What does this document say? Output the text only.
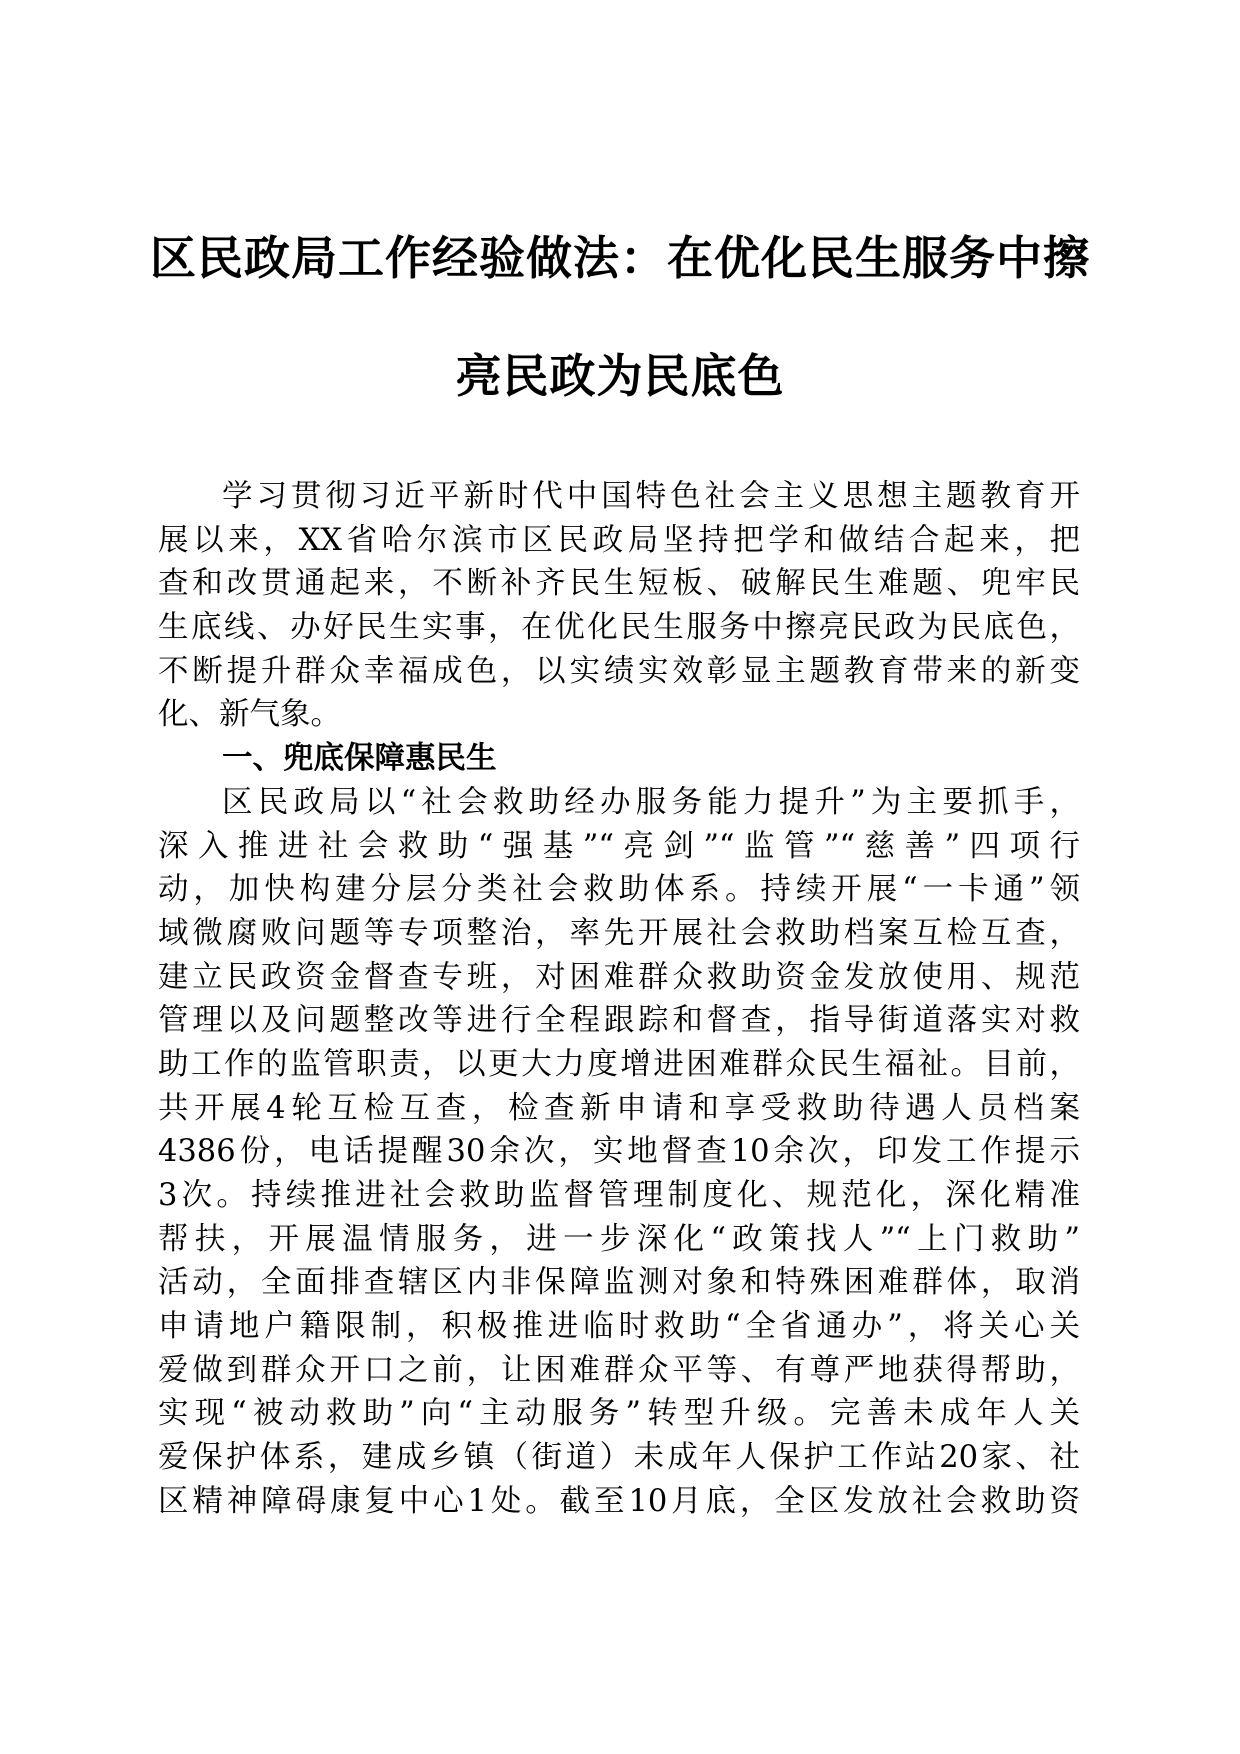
区民政局工作经验做法：在优化民生服务中擦
亮民政为民底色
学习贯彻习近平新时代中国特色社会主义思想主题教育开
展以来，XX省哈尔滨市区民政局坚持把学和做结合起来，把
查和改贯通起来，不断补齐民生短板、破解民生难题、兜牢民
生底线、办好民生实事，在优化民生服务中擦亮民政为民底色，
不断提升群众幸福成色，以实绩实效彰显主题教育带来的新变
化、新气象。
一、兜底保障惠民生
区民政局以“社会救助经办服务能力提升”为主要抓手，
深入推进社会救助“强基”“亮剑”“监管”“慈善”四项行
动，加快构建分层分类社会救助体系。持续开展“一卡通”领
域微腐败问题等专项整治，率先开展社会救助档案互检互查，
建立民政资金督查专班，对困难群众救助资金发放使用、规范
管理以及问题整改等进行全程跟踪和督查，指导街道落实对救
助工作的监管职责，以更大力度增进困难群众民生福祉。目前，
共开展4轮互检互查，检查新申请和享受救助待遇人员档案
4386份，电话提醒30余次，实地督查10余次，印发工作提示
3次。持续推进社会救助监督管理制度化、规范化，深化精准
帮扶，开展温情服务，进一步深化“政策找人”“上门救助”
活动，全面排查辖区内非保障监测对象和特殊困难群体，取消
申请地户籍限制，积极推进临时救助“全省通办”，将关心关
爱做到群众开口之前，让困难群众平等、有尊严地获得帮助，
实现“被动救助”向“主动服务”转型升级。完善未成年人关
爱保护体系，建成乡镇（街道）未成年人保护工作站20家、社
区精神障碍康复中心1处。截至10月底，全区发放社会救助资
